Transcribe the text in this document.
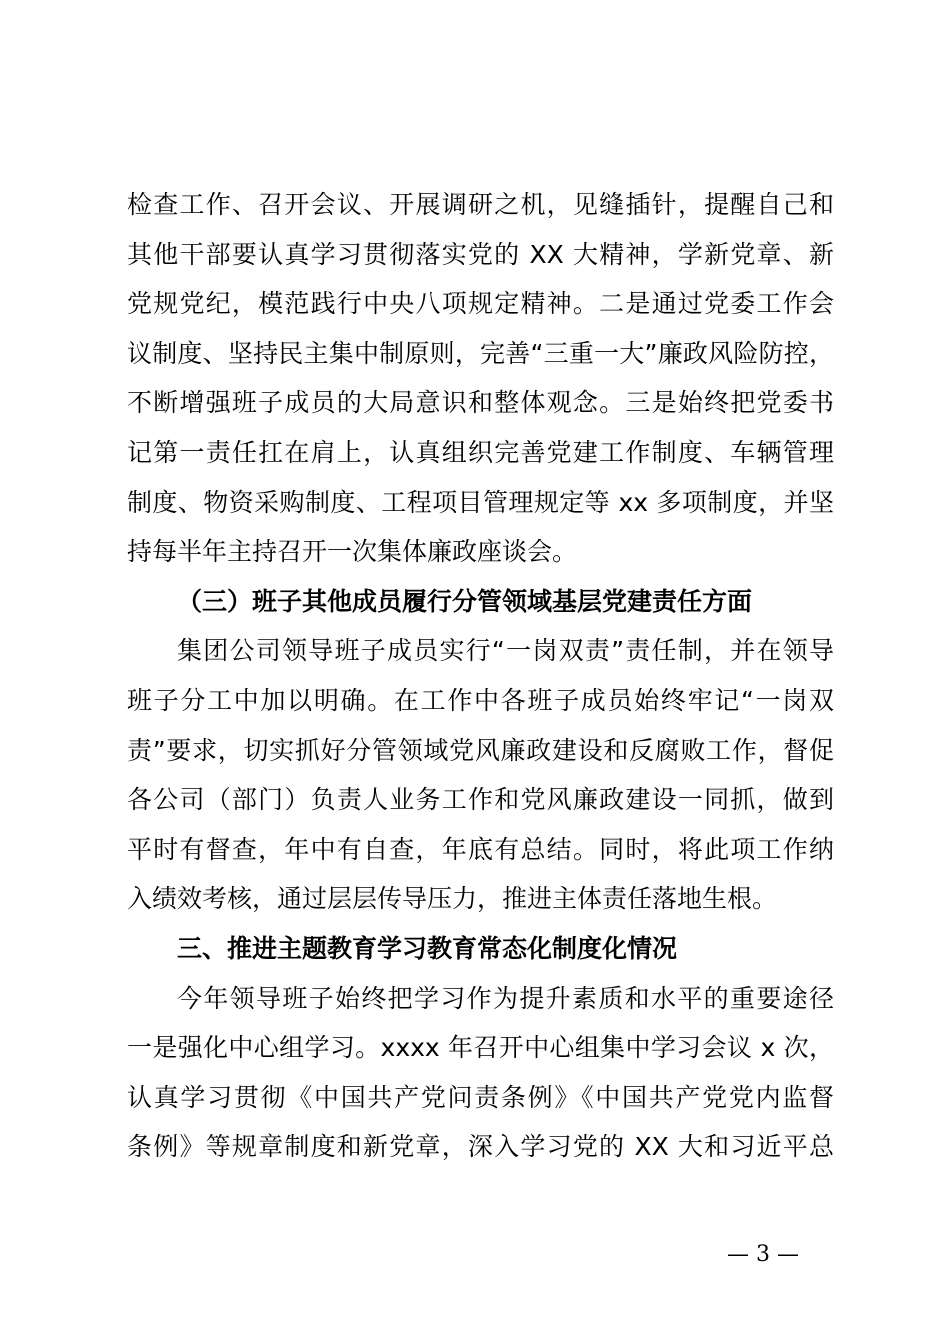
检查工作、召开会议、开展调研之机，见缝插针，提醒自己和
其他干部要认真学习贯彻落实党的 XX 大精神，学新党章、新
党规党纪，模范践行中央八项规定精神。二是通过党委工作会
议制度、坚持民主集中制原则，完善“三重一大”廉政风险防控，
不断增强班子成员的大局意识和整体观念。三是始终把党委书
记第一责任扛在肩上，认真组织完善党建工作制度、车辆管理
制度、物资采购制度、工程项目管理规定等 xx 多项制度，并坚
持每半年主持召开一次集体廉政座谈会。
（三）班子其他成员履行分管领域基层党建责任方面
集团公司领导班子成员实行“一岗双责”责任制，并在领导
班子分工中加以明确。在工作中各班子成员始终牢记“一岗双
责”要求，切实抓好分管领域党风廉政建设和反腐败工作，督促
各公司（部门）负责人业务工作和党风廉政建设一同抓，做到
平时有督查，年中有自查，年底有总结。同时，将此项工作纳
入绩效考核，通过层层传导压力，推进主体责任落地生根。
三、推进主题教育学习教育常态化制度化情况
今年领导班子始终把学习作为提升素质和水平的重要途径
一是强化中心组学习。xxxx 年召开中心组集中学习会议 x 次，
认真学习贯彻《中国共产党问责条例》《中国共产党党内监督
条例》等规章制度和新党章，深入学习党的 XX 大和习近平总
— 3 —
